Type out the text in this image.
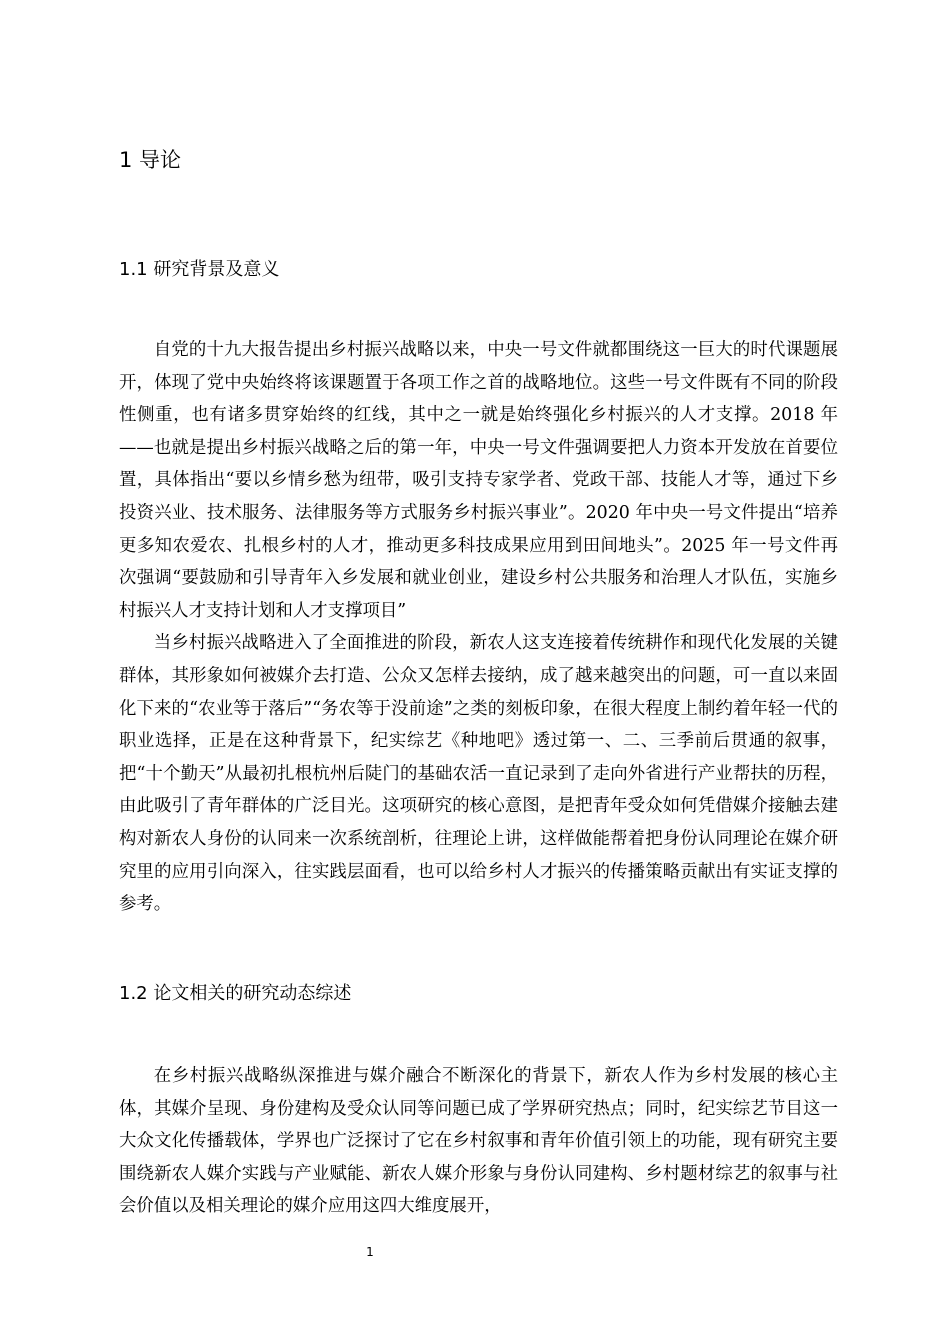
1 导论
1.1 研究背景及意义

自党的十九大报告提出乡村振兴战略以来，中央一号文件就都围绕这一巨大的时代课题展开，体现了党中央始终将该课题置于各项工作之首的战略地位。这些一号文件既有不同的阶段性侧重，也有诸多贯穿始终的红线，其中之一就是始终强化乡村振兴的人才支撑。2018 年——也就是提出乡村振兴战略之后的第一年，中央一号文件强调要把人力资本开发放在首要位置，具体指出“要以乡情乡愁为纽带，吸引支持专家学者、党政干部、技能人才等，通过下乡投资兴业、技术服务、法律服务等方式服务乡村振兴事业”。2020 年中央一号文件提出“培养更多知农爱农、扎根乡村的人才，推动更多科技成果应用到田间地头”。2025 年一号文件再次强调“要鼓励和引导青年入乡发展和就业创业，建设乡村公共服务和治理人才队伍，实施乡村振兴人才支持计划和人才支撑项目”

当乡村振兴战略进入了全面推进的阶段，新农人这支连接着传统耕作和现代化发展的关键群体，其形象如何被媒介去打造、公众又怎样去接纳，成了越来越突出的问题，可一直以来固化下来的“农业等于落后”“务农等于没前途”之类的刻板印象，在很大程度上制约着年轻一代的职业选择，正是在这种背景下，纪实综艺《种地吧》透过第一、二、三季前后贯通的叙事，把“十个勤天”从最初扎根杭州后陡门的基础农活一直记录到了走向外省进行产业帮扶的历程，由此吸引了青年群体的广泛目光。这项研究的核心意图，是把青年受众如何凭借媒介接触去建构对新农人身份的认同来一次系统剖析，往理论上讲，这样做能帮着把身份认同理论在媒介研究里的应用引向深入，往实践层面看，也可以给乡村人才振兴的传播策略贡献出有实证支撑的参考。

1.2 论文相关的研究动态综述

在乡村振兴战略纵深推进与媒介融合不断深化的背景下，新农人作为乡村发展的核心主体，其媒介呈现、身份建构及受众认同等问题已成了学界研究热点；同时，纪实综艺节目这一大众文化传播载体，学界也广泛探讨了它在乡村叙事和青年价值引领上的功能，现有研究主要围绕新农人媒介实践与产业赋能、新农人媒介形象与身份认同建构、乡村题材综艺的叙事与社会价值以及相关理论的媒介应用这四大维度展开，

1
